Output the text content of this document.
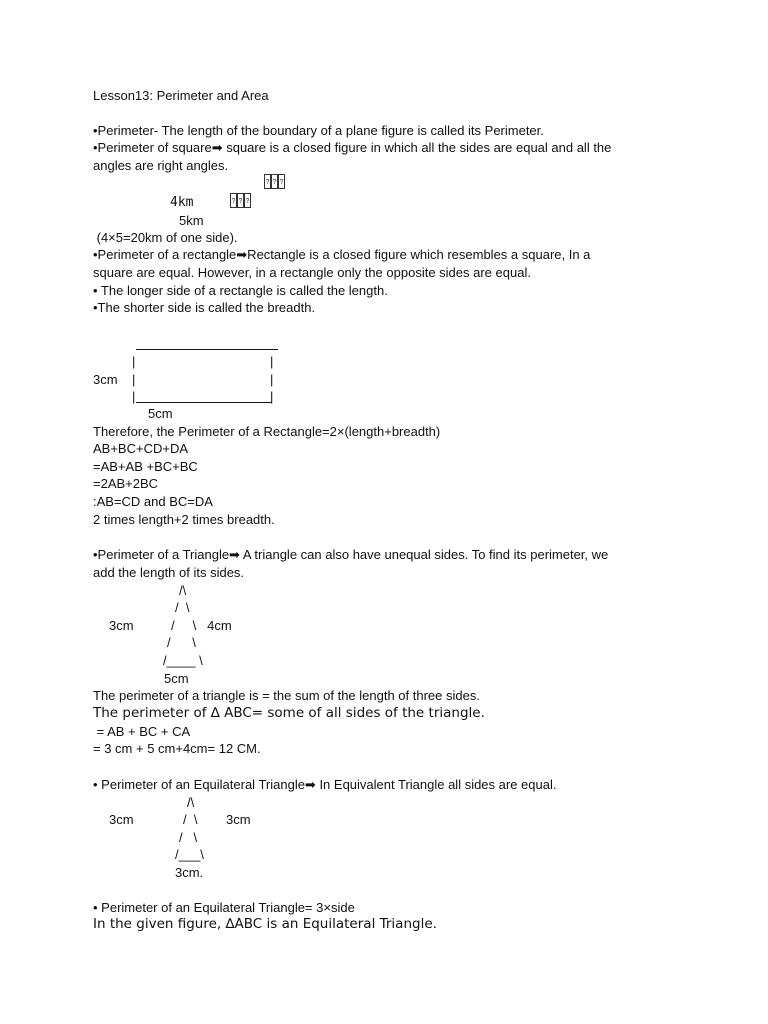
Lesson13: Perimeter and Area

•Perimeter- The length of the boundary of a plane figure is called its Perimeter.

•Perimeter of square➡ square is a closed figure in which all the sides are equal and all the

angles are right angles.

? ? ?

4km	? ? ?

5km

(4×5=20km of one side).

•Perimeter of a rectangle➡Rectangle is a closed figure which resembles a square, In a

square are equal. However, in a rectangle only the opposite sides are equal.

• The longer side of a rectangle is called the length.

•The shorter side is called the breadth.

|	|

3cm |	|

|	|

5cm

Therefore, the Perimeter of a Rectangle=2×(length+breadth)

AB+BC+CD+DA

=AB+AB +BC+BC

=2AB+2BC

:AB=CD and BC=DA

2 times length+2 times breadth.

•Perimeter of a Triangle➡ A triangle can also have unequal sides. To find its perimeter, we

add the length of its sides.

/\

/  \

3cm	/     \   4cm

/      \

/____ \

5cm

The perimeter of a triangle is = the sum of the length of three sides.

The perimeter of ∆ ABC= some of all sides of the triangle.

= AB + BC + CA

= 3 cm + 5 cm+4cm= 12 CM.

• Perimeter of an Equilateral Triangle➡ In Equivalent Triangle all sides are equal.

/\

3cm	/  \ 3cm

/   \

/___\

3cm.

• Perimeter of an Equilateral Triangle= 3×side

In the given figure, ∆ABC is an Equilateral Triangle.
